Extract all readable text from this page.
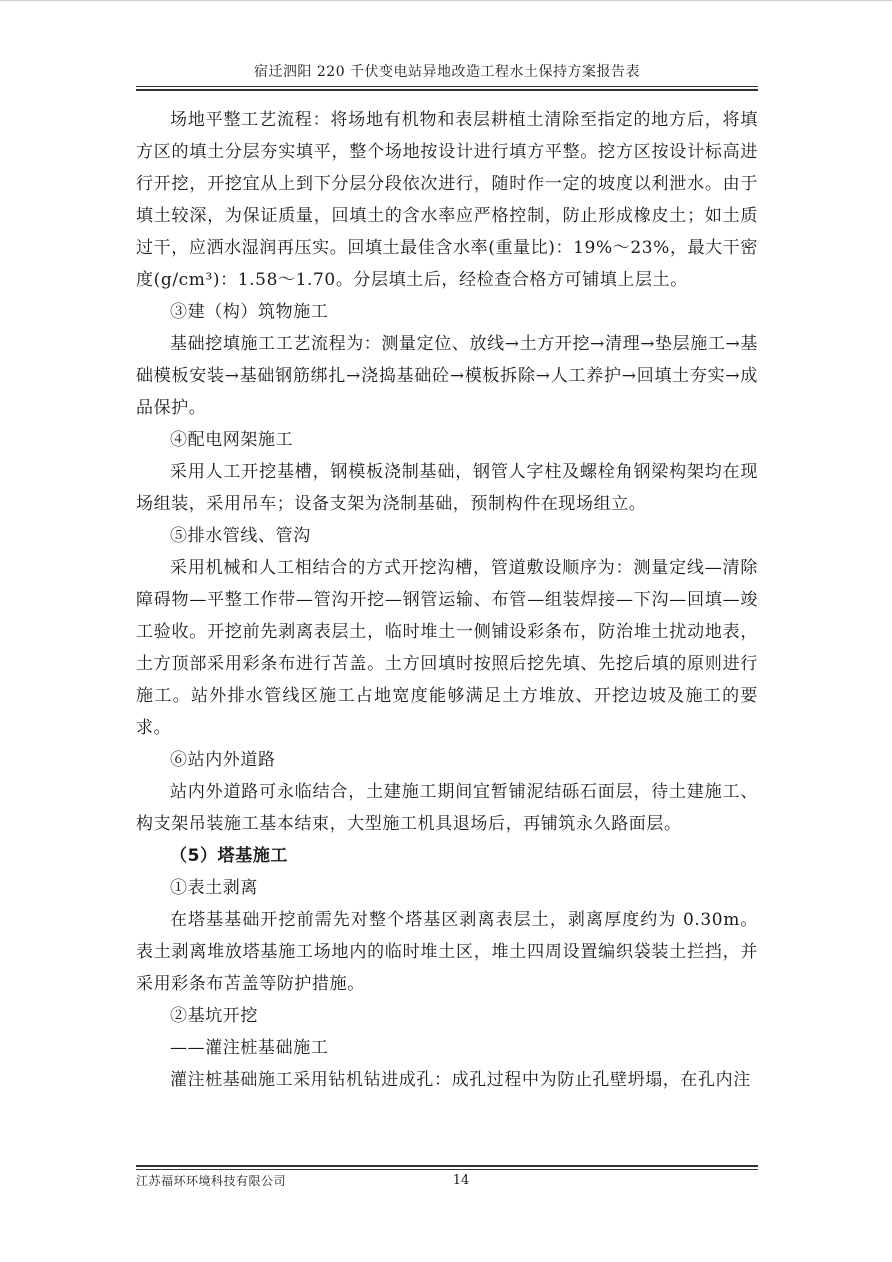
宿迁泗阳 220 千伏变电站异地改造工程水土保持方案报告表

场地平整工艺流程：将场地有机物和表层耕植土清除至指定的地方后，将填方区的填土分层夯实填平，整个场地按设计进行填方平整。挖方区按设计标高进行开挖，开挖宜从上到下分层分段依次进行，随时作一定的坡度以利泄水。由于填土较深，为保证质量，回填土的含水率应严格控制，防止形成橡皮土；如土质过干，应洒水湿润再压实。回填土最佳含水率(重量比)：19%～23%，最大干密度(g/cm³)：1.58～1.70。分层填土后，经检查合格方可铺填上层土。

③建（构）筑物施工

基础挖填施工工艺流程为：测量定位、放线→土方开挖→清理→垫层施工→基础模板安装→基础钢筋绑扎→浇捣基础砼→模板拆除→人工养护→回填土夯实→成品保护。

④配电网架施工

采用人工开挖基槽，钢模板浇制基础，钢管人字柱及螺栓角钢梁构架均在现场组装，采用吊车；设备支架为浇制基础，预制构件在现场组立。

⑤排水管线、管沟

采用机械和人工相结合的方式开挖沟槽，管道敷设顺序为：测量定线—清除障碍物—平整工作带—管沟开挖—钢管运输、布管—组装焊接—下沟—回填—竣工验收。开挖前先剥离表层土，临时堆土一侧铺设彩条布，防治堆土扰动地表，土方顶部采用彩条布进行苫盖。土方回填时按照后挖先填、先挖后填的原则进行施工。站外排水管线区施工占地宽度能够满足土方堆放、开挖边坡及施工的要求。

⑥站内外道路

站内外道路可永临结合，土建施工期间宜暂铺泥结砾石面层，待土建施工、构支架吊装施工基本结束，大型施工机具退场后，再铺筑永久路面层。

（5）塔基施工

①表土剥离

在塔基基础开挖前需先对整个塔基区剥离表层土，剥离厚度约为 0.30m。表土剥离堆放塔基施工场地内的临时堆土区，堆土四周设置编织袋装土拦挡，并采用彩条布苫盖等防护措施。

②基坑开挖

——灌注桩基础施工

灌注桩基础施工采用钻机钻进成孔：成孔过程中为防止孔壁坍塌，在孔内注

江苏福环环境科技有限公司	14
